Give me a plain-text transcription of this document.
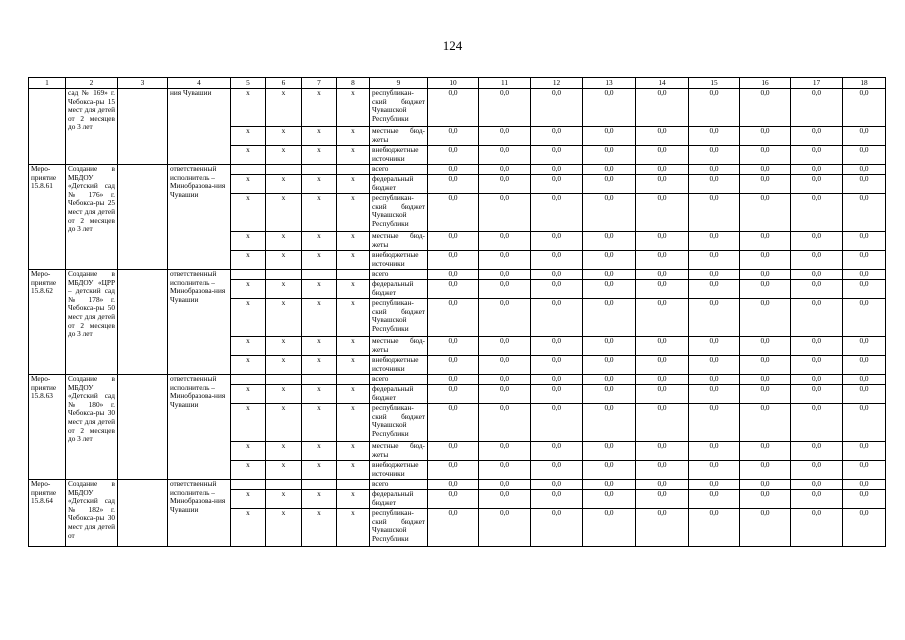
124
1	2	3	4	5	6	7	8	9	10	11	12	13	14	15	16	17	18
	сад № 169» г. Чебокса-ры 15 мест для детей от 2 месяцев до 3 лет		ния Чувашии	x	x	x	x	республикан-ский бюджет Чувашской Республики	0,0	0,0	0,0	0,0	0,0	0,0	0,0	0,0	0,0
				x	x	x	x	местные бюд-жеты	0,0	0,0	0,0	0,0	0,0	0,0	0,0	0,0	0,0
				x	x	x	x	внебюджетные источники	0,0	0,0	0,0	0,0	0,0	0,0	0,0	0,0	0,0
Меро-приятие 15.8.61	Создание в МБДОУ «Детский сад № 176» г. Чебокса-ры 25 мест для детей от 2 месяцев до 3 лет		ответственный исполнитель – Минобразова-ния Чувашии					всего	0,0	0,0	0,0	0,0	0,0	0,0	0,0	0,0	0,0
				x	x	x	x	федеральный бюджет	0,0	0,0	0,0	0,0	0,0	0,0	0,0	0,0	0,0
				x	x	x	x	республикан-ский бюджет Чувашской Республики	0,0	0,0	0,0	0,0	0,0	0,0	0,0	0,0	0,0
				x	x	x	x	местные бюд-жеты	0,0	0,0	0,0	0,0	0,0	0,0	0,0	0,0	0,0
				x	x	x	x	внебюджетные источники	0,0	0,0	0,0	0,0	0,0	0,0	0,0	0,0	0,0
Меро-приятие 15.8.62	Создание в МБДОУ «ЦРР – детский сад № 178» г. Чебокса-ры 50 мест для детей от 2 месяцев до 3 лет		ответственный исполнитель – Минобразова-ния Чувашии					всего	0,0	0,0	0,0	0,0	0,0	0,0	0,0	0,0	0,0
				x	x	x	x	федеральный бюджет	0,0	0,0	0,0	0,0	0,0	0,0	0,0	0,0	0,0
				x	x	x	x	республикан-ский бюджет Чувашской Республики	0,0	0,0	0,0	0,0	0,0	0,0	0,0	0,0	0,0
				x	x	x	x	местные бюд-жеты	0,0	0,0	0,0	0,0	0,0	0,0	0,0	0,0	0,0
				x	x	x	x	внебюджетные источники	0,0	0,0	0,0	0,0	0,0	0,0	0,0	0,0	0,0
Меро-приятие 15.8.63	Создание в МБДОУ «Детский сад № 180» г. Чебокса-ры 30 мест для детей от 2 месяцев до 3 лет		ответственный исполнитель – Минобразова-ния Чувашии					всего	0,0	0,0	0,0	0,0	0,0	0,0	0,0	0,0	0,0
				x	x	x	x	федеральный бюджет	0,0	0,0	0,0	0,0	0,0	0,0	0,0	0,0	0,0
				x	x	x	x	республикан-ский бюджет Чувашской Республики	0,0	0,0	0,0	0,0	0,0	0,0	0,0	0,0	0,0
				x	x	x	x	местные бюд-жеты	0,0	0,0	0,0	0,0	0,0	0,0	0,0	0,0	0,0
				x	x	x	x	внебюджетные источники	0,0	0,0	0,0	0,0	0,0	0,0	0,0	0,0	0,0
Меро-приятие 15.8.64	Создание в МБДОУ «Детский сад № 182» г. Чебокса-ры 30 мест для детей от		ответственный исполнитель – Минобразова-ния Чувашии					всего	0,0	0,0	0,0	0,0	0,0	0,0	0,0	0,0	0,0
				x	x	x	x	федеральный бюджет	0,0	0,0	0,0	0,0	0,0	0,0	0,0	0,0	0,0
				x	x	x	x	республикан-ский бюджет Чувашской Республики	0,0	0,0	0,0	0,0	0,0	0,0	0,0	0,0	0,0
